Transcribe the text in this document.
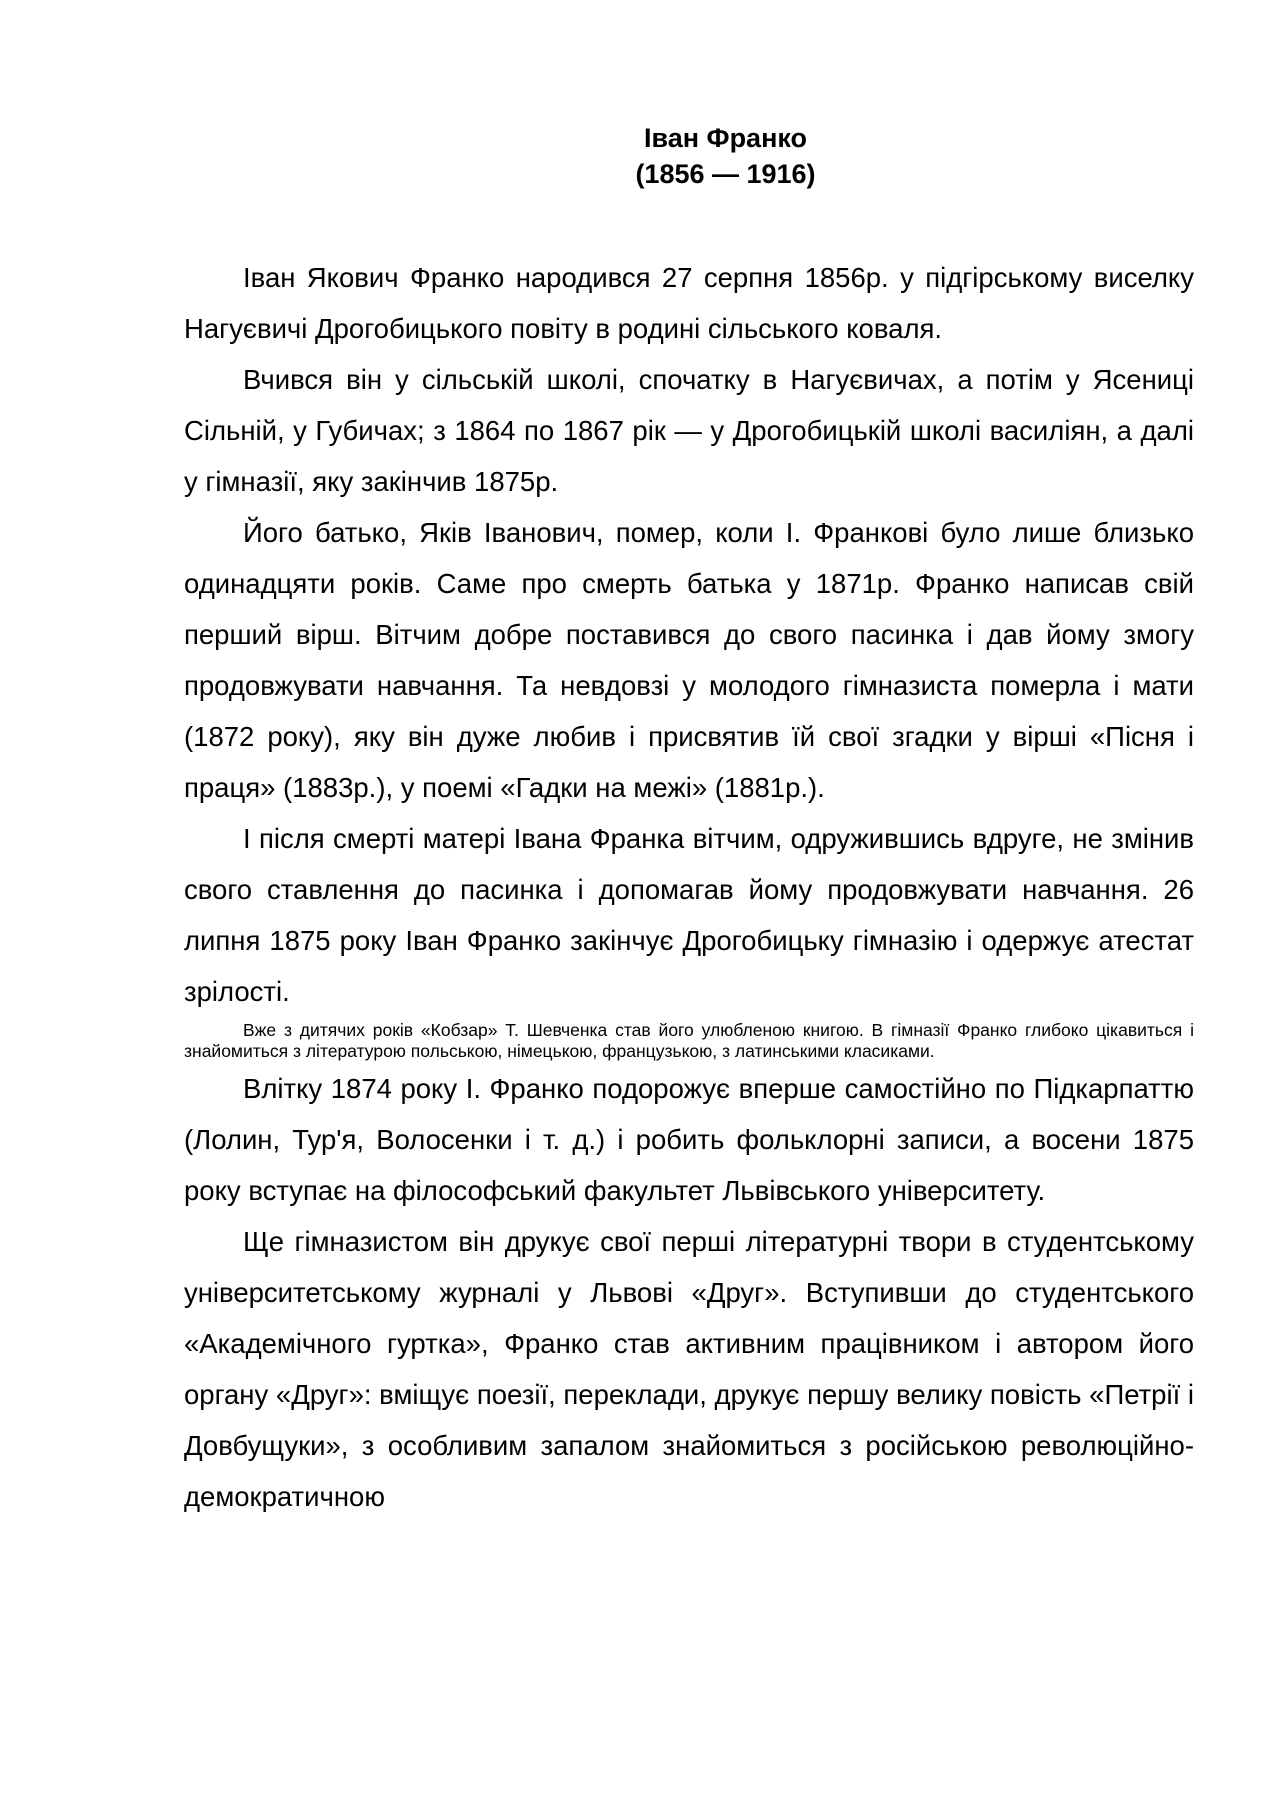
Іван Франко
(1856 — 1916)

Іван Якович Франко народився 27 серпня 1856р. у підгірському виселку Нагуєвичі Дрогобицького повіту в родині сільського коваля.

Вчився він у сільській школі, спочатку в Нагуєвичах, а потім у Ясениці Сільній, у Губичах; з 1864 по 1867 рік — у Дрогобицькій школі василіян, а далі у гімназії, яку закінчив 1875р.

Його батько, Яків Іванович, помер, коли І. Франкові було лише близько одинадцяти років. Саме про смерть батька у 1871р. Франко написав свій перший вірш. Вітчим добре поставився до свого пасинка і дав йому змогу продовжувати навчання. Та невдовзі у молодого гімназиста померла і мати (1872 року), яку він дуже любив і присвятив їй свої згадки у вірші «Пісня і праця» (1883р.), у поемі «Гадки на межі» (1881р.).

І після смерті матері Івана Франка вітчим, одружившись вдруге, не змінив свого ставлення до пасинка і допомагав йому продовжувати навчання. 26 липня 1875 року Іван Франко закінчує Дрогобицьку гімназію і одержує атестат зрілості.

Вже з дитячих років «Кобзар» Т. Шевченка став його улюбленою книгою. В гімназії Франко глибоко цікавиться і знайомиться з літературою польською, німецькою, французькою, з латинськими класиками.

Влітку 1874 року І. Франко подорожує вперше самостійно по Підкарпаттю (Лолин, Тур'я, Волосенки і т. д.) і робить фольклорні записи, а восени 1875 року вступає на філософський факультет Львівського університету.

Ще гімназистом він друкує свої перші літературні твори в студентському університетському журналі у Львові «Друг». Вступивши до студентського «Академічного гуртка», Франко став активним працівником і автором його органу «Друг»: вміщує поезії, переклади, друкує першу велику повість «Петрії і Довбущуки», з особливим запалом знайомиться з російською революційно-демократичною
